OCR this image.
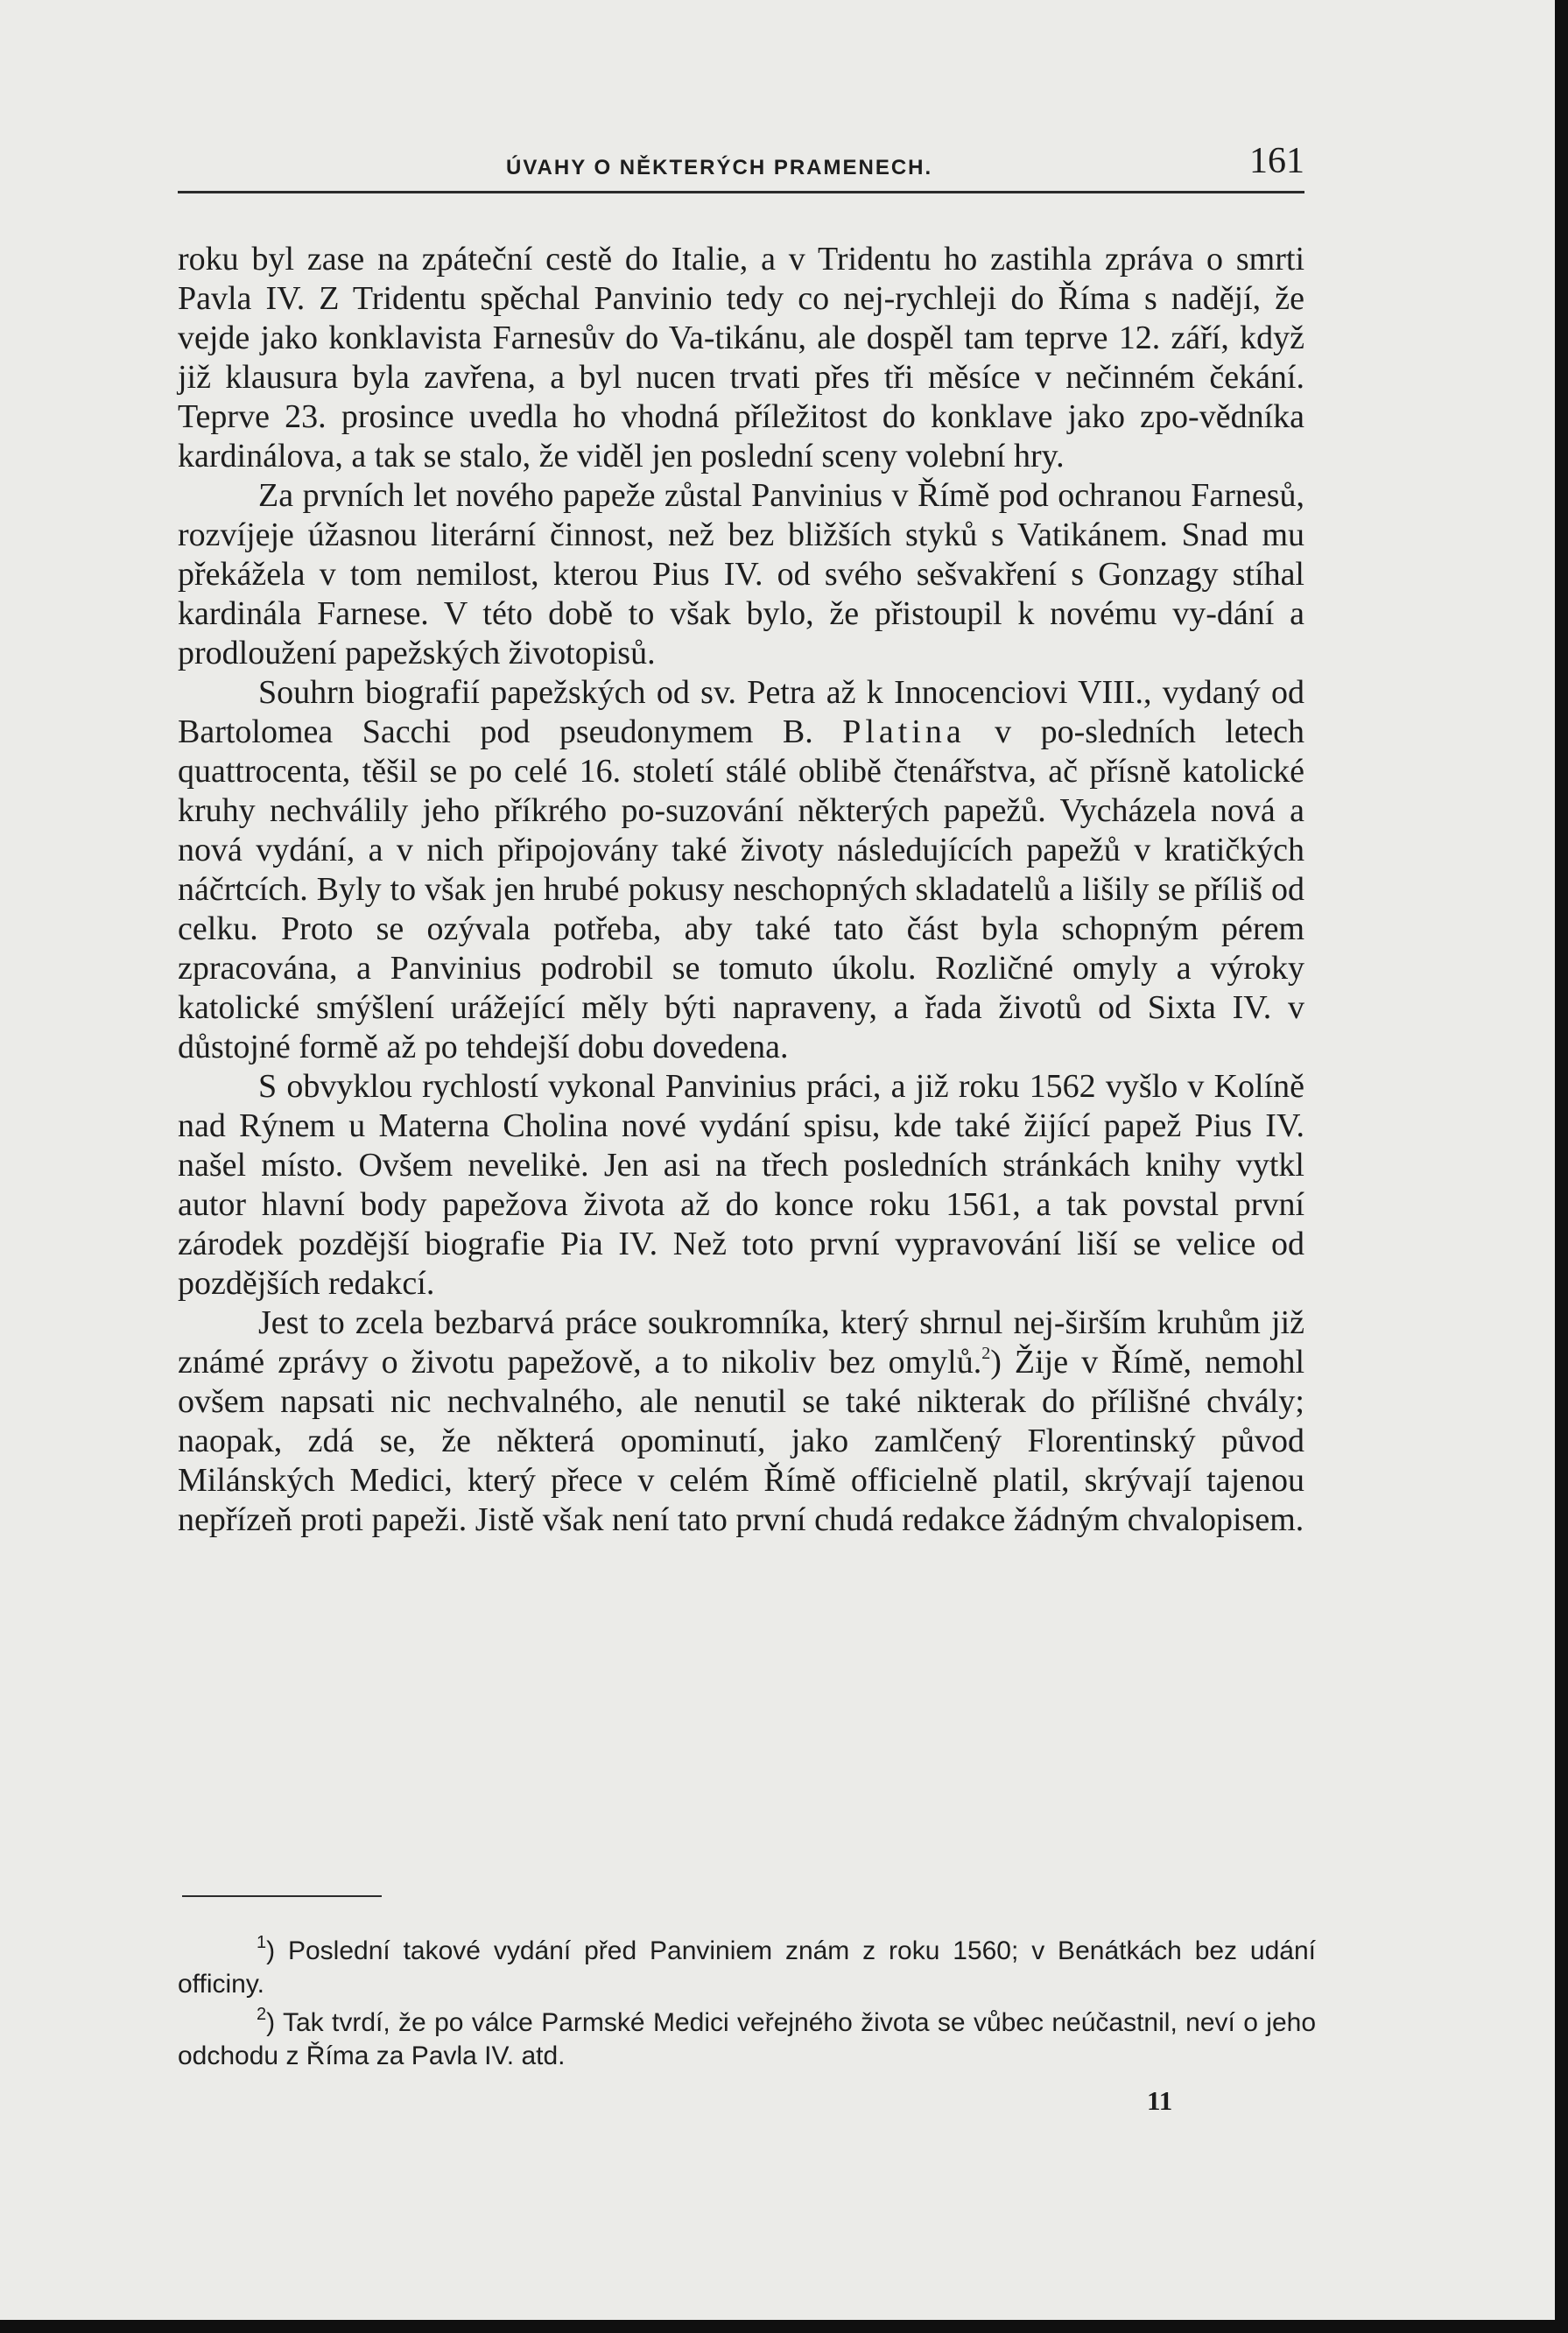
ÚVAHY O NĚKTERÝCH PRAMENECH.	161

roku byl zase na zpáteční cestě do Italie, a v Tridentu ho zastihla zpráva o smrti Pavla IV. Z Tridentu spěchal Panvinio tedy co nej-rychleji do Říma s nadějí, že vejde jako konklavista Farnesův do Va-tikánu, ale dospěl tam teprve 12. září, když již klausura byla zavřena, a byl nucen trvati přes tři měsíce v nečinném čekání. Teprve 23. prosince uvedla ho vhodná příležitost do konklave jako zpo-vědníka kardinálova, a tak se stalo, že viděl jen poslední sceny volební hry.

Za prvních let nového papeže zůstal Panvinius v Římě pod ochranou Farnesů, rozvíjeje úžasnou literární činnost, než bez bližších styků s Vatikánem. Snad mu překážela v tom nemilost, kterou Pius IV. od svého sešvakření s Gonzagy stíhal kardinála Farnese. V této době to však bylo, že přistoupil k novému vy-dání a prodloužení papežských životopisů.

Souhrn biografií papežských od sv. Petra až k Innocenciovi VIII., vydaný od Bartolomea Sacchi pod pseudonymem B. Platina v po-sledních letech quattrocenta, těšil se po celé 16. století stálé oblibě čtenářstva, ač přísně katolické kruhy nechválily jeho příkrého po-suzování některých papežů. Vycházela nová a nová vydání, a v nich připojovány také životy následujících papežů v kratičkých náčrtcích. Byly to však jen hrubé pokusy neschopných skladatelů a lišily se příliš od celku. Proto se ozývala potřeba, aby také tato část byla schopným pérem zpracována, a Panvinius podrobil se tomuto úkolu. Rozličné omyly a výroky katolické smýšlení urážející měly býti napraveny, a řada životů od Sixta IV. v důstojné formě až po tehdejší dobu dovedena.

S obvyklou rychlostí vykonal Panvinius práci, a již roku 1562 vyšlo v Kolíně nad Rýnem u Materna Cholina nové vydání spisu, kde také žijící papež Pius IV. našel místo. Ovšem nevelikė. Jen asi na třech posledních stránkách knihy vytkl autor hlavní body papežova života až do konce roku 1561, a tak povstal první zárodek pozdější biografie Pia IV. Než toto první vypravování liší se velice od pozdějších redakcí.

Jest to zcela bezbarvá práce soukromníka, který shrnul nej-širším kruhům již známé zprávy o životu papežově, a to nikoliv bez omylů.$^2$) Žije v Římě, nemohl ovšem napsati nic nechvalného, ale nenutil se také nikterak do přílišné chvály; naopak, zdá se, že některá opominutí, jako zamlčený Florentinský původ Milánských Medici, který přece v celém Římě officielně platil, skrývají tajenou nepřízeň proti papeži. Jistě však není tato první chudá redakce žádným chvalopisem.

$^1$) Poslední takové vydání před Panviniem znám z roku 1560; v Benátkách bez udání officiny.

$^2$) Tak tvrdí, že po válce Parmské Medici veřejného života se vůbec neúčastnil, neví o jeho odchodu z Říma za Pavla IV. atd.

11
